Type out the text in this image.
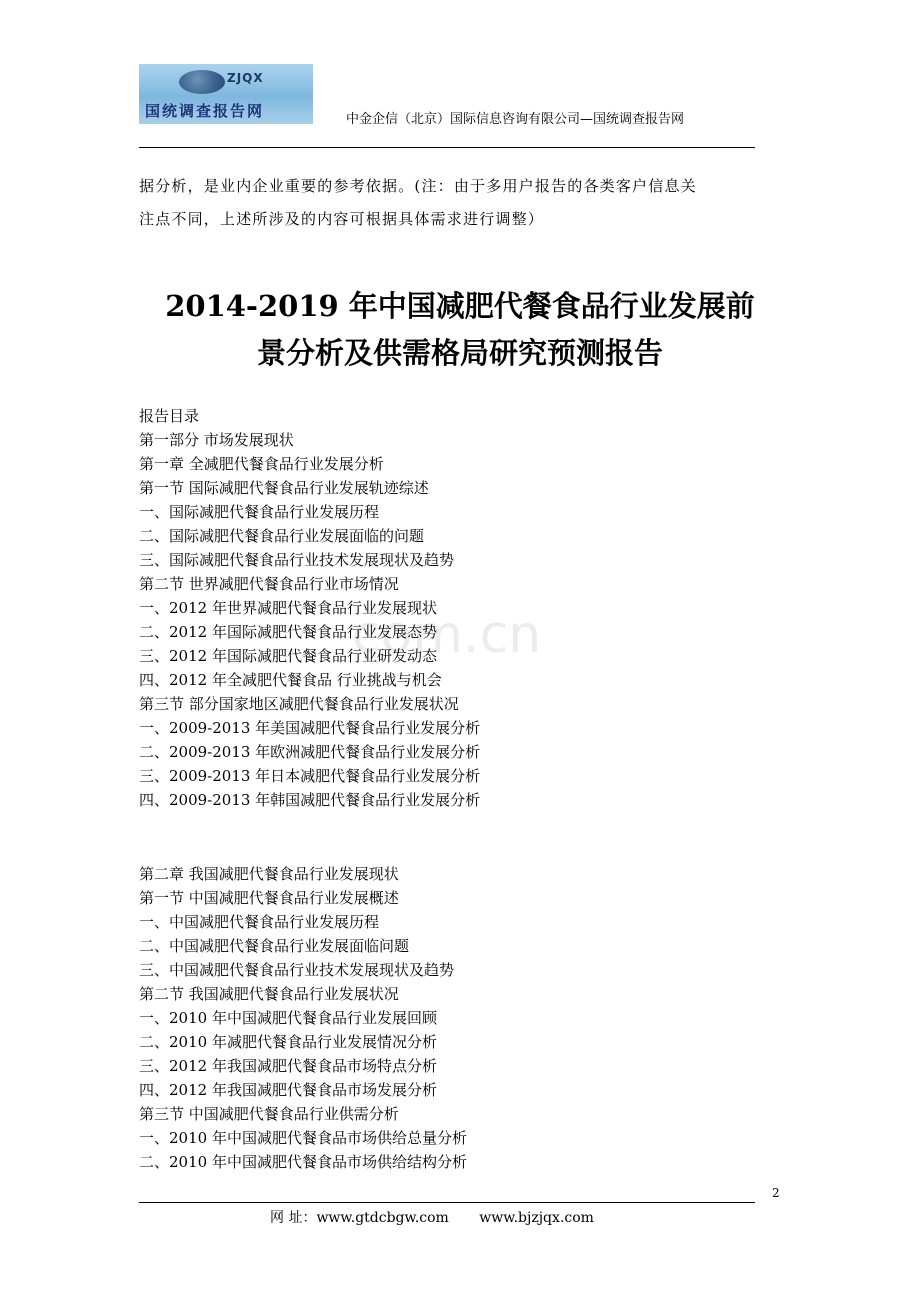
ZJQX
国统调查报告网	中金企信（北京）国际信息咨询有限公司—国统调查报告网

据分析，是业内企业重要的参考依据。(注：由于多用户报告的各类客户信息关

注点不同，上述所涉及的内容可根据具体需求进行调整）

2014-2019 年中国减肥代餐食品行业发展前
景分析及供需格局研究预测报告
报告目录
第一部分 市场发展现状
第一章 全减肥代餐食品行业发展分析
第一节 国际减肥代餐食品行业发展轨迹综述
一、国际减肥代餐食品行业发展历程
二、国际减肥代餐食品行业发展面临的问题
三、国际减肥代餐食品行业技术发展现状及趋势
第二节 世界减肥代餐食品行业市场情况
一、2012 年世界减肥代餐食品行业发展现状
二、2012 年国际减肥代餐食品行业发展态势
三、2012 年国际减肥代餐食品行业研发动态
四、2012 年全减肥代餐食品 行业挑战与机会
第三节 部分国家地区减肥代餐食品行业发展状况
一、2009-2013 年美国减肥代餐食品行业发展分析
二、2009-2013 年欧洲减肥代餐食品行业发展分析
三、2009-2013 年日本减肥代餐食品行业发展分析
四、2009-2013 年韩国减肥代餐食品行业发展分析
第二章 我国减肥代餐食品行业发展现状
第一节 中国减肥代餐食品行业发展概述
一、中国减肥代餐食品行业发展历程
二、中国减肥代餐食品行业发展面临问题
三、中国减肥代餐食品行业技术发展现状及趋势
第二节 我国减肥代餐食品行业发展状况
一、2010 年中国减肥代餐食品行业发展回顾
二、2010 年减肥代餐食品行业发展情况分析
三、2012 年我国减肥代餐食品市场特点分析
四、2012 年我国减肥代餐食品市场发展分析
第三节 中国减肥代餐食品行业供需分析
一、2010 年中国减肥代餐食品市场供给总量分析
二、2010 年中国减肥代餐食品市场供给结构分析
com.cn
2
网 址：www.gtdcbgw.com www.bjzjqx.com
